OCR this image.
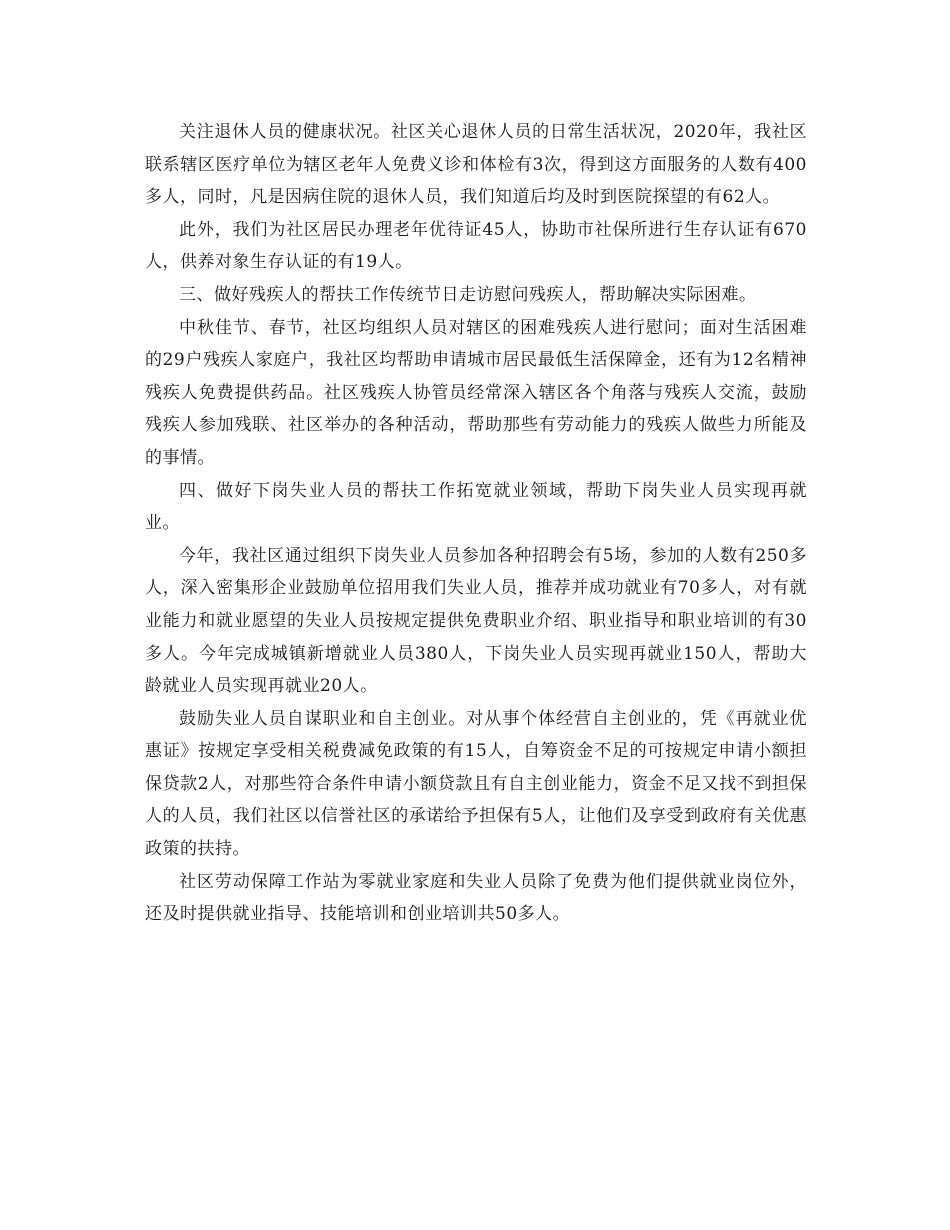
关注退休人员的健康状况。社区关心退休人员的日常生活状况，2020年，我社区联系辖区医疗单位为辖区老年人免费义诊和体检有3次，得到这方面服务的人数有400多人，同时，凡是因病住院的退休人员，我们知道后均及时到医院探望的有62人。

此外，我们为社区居民办理老年优待证45人，协助市社保所进行生存认证有670人，供养对象生存认证的有19人。

三、做好残疾人的帮扶工作传统节日走访慰问残疾人，帮助解决实际困难。

中秋佳节、春节，社区均组织人员对辖区的困难残疾人进行慰问；面对生活困难的29户残疾人家庭户，我社区均帮助申请城市居民最低生活保障金，还有为12名精神残疾人免费提供药品。社区残疾人协管员经常深入辖区各个角落与残疾人交流，鼓励残疾人参加残联、社区举办的各种活动，帮助那些有劳动能力的残疾人做些力所能及的事情。

四、做好下岗失业人员的帮扶工作拓宽就业领域，帮助下岗失业人员实现再就业。

今年，我社区通过组织下岗失业人员参加各种招聘会有5场，参加的人数有250多人，深入密集形企业鼓励单位招用我们失业人员，推荐并成功就业有70多人，对有就业能力和就业愿望的失业人员按规定提供免费职业介绍、职业指导和职业培训的有30多人。今年完成城镇新增就业人员380人，下岗失业人员实现再就业150人，帮助大龄就业人员实现再就业20人。

鼓励失业人员自谋职业和自主创业。对从事个体经营自主创业的，凭《再就业优惠证》按规定享受相关税费减免政策的有15人，自筹资金不足的可按规定申请小额担保贷款2人，对那些符合条件申请小额贷款且有自主创业能力，资金不足又找不到担保人的人员，我们社区以信誉社区的承诺给予担保有5人，让他们及享受到政府有关优惠政策的扶持。

社区劳动保障工作站为零就业家庭和失业人员除了免费为他们提供就业岗位外，还及时提供就业指导、技能培训和创业培训共50多人。
